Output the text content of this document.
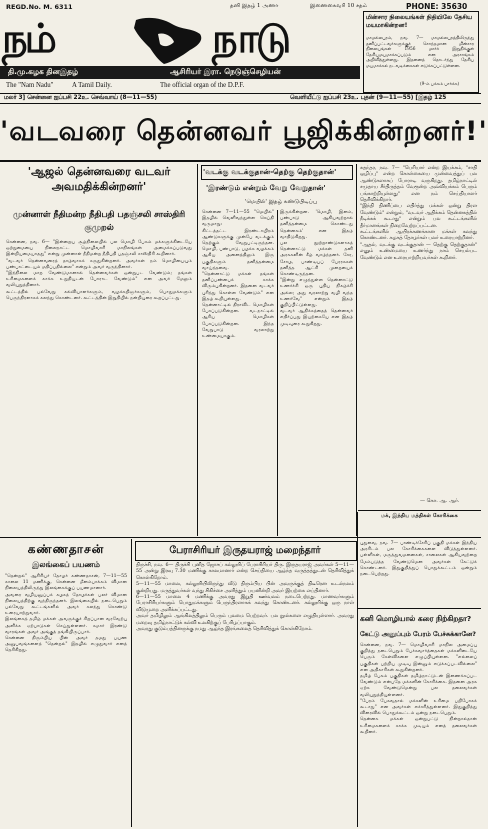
REGD.No. M. 6311	தனி இதழ் 1 அணா	இணைகைவரி 10 சதம்	PHONE: 35630
நம்	நாடு
தி.மு.கழக தினஇதழ்	ஆசிரியர் இரா. நெடுஞ்செழியன்
The "Nam Nadu"	A Tamil Daily.	The official organ of the D.P.F.
மின்சார நிலையங்கள் நிதியிலே தேசிய மயமாகின்றன!
மாமல்லபுரம், நவ. 7— மாமல்லபுரத்திலிருந்து தனிப்பட்டவர்களுக்குச் சொந்தமான மின்சார நிலையங்கள் 1956 மார்ச் இறுதிக்குள் தேசியமயமாக்கப்படும் என அரசாங்கம் அறிவித்துள்ளது. இதனைத் தொடர்ந்து தேசிய மயமாக்கல் நடவடிக்கைகள் எடுக்கப்பட்டுள்ளன.
(9-ம் பக்கம் பார்க்க)
மலர் 3] சென்னை ஐப்பசி 22உ. செவ்வாய் (8—11—55)	வெளியீட்டு ஐப்பசி 23உ. புதன் (9—11—55) [இதழ் 125
'வடவரை தென்னவர் பூஜிக்கின்றனர்!'
'ஆஜல் தென்னவரை வடவர் அவமதிக்கின்றனர்'
முன்னாள் நீதிமன்ற நீதிபதி பதஞ்சலி சாஸ்திரி குமுறல்
சென்னை, நவ. 6— "இன்றைய சூழ்நிலையில் பல மொழி பேசும் மக்களுக்கிடையே ஒற்றுமையை நிலைநாட்ட மொழிவாரி மாநிலங்கள் அமைக்கப்படுவது இன்றியமையாதது" என்று முன்னாள் நீதிமன்ற நீதிபதி பதஞ்சலி சாஸ்திரி கூறினார்.
"வடவர் தென்னவரைத் தாழ்வாகக் கருதுகின்றனர். அவர்கள் நம் மொழியையும் பண்பாட்டையும் மதிப்பதில்லை" என்றும் அவர் வருந்தினார்.
"இந்நிலை மாற வேண்டுமானால் தென்னவர்கள் ஒன்றுபட வேண்டும்; தங்கள் உரிமைகளைக் காக்க உறுதியுடன் போராட வேண்டும்" என அவர் மேலும் வலியுறுத்தினார்.
கூட்டத்தில் பல்வேறு கல்வியாளர்களும், வழக்கறிஞர்களும், பொதுமக்களும் பெருந்திரளாகக் கலந்து கொண்டனர். கூட்டத்தின் இறுதியில் நன்றியுரை கூறப்பட்டது.
'வடக்கு வடக்குதான்-தெற்கு தெற்குதான்'
'இரண்டும் என்றும் வேறு வேறுதான்'
'மெயில்' இதழ் கண்டுபிடிப்பு
சென்னை 7—11—55 "மெயில்" இதழில் வெளிவந்துள்ள செய்தி வருமாறு:
கிட்டத்தட்ட இரண்டாயிரம் ஆண்டுகளுக்கு முன்பே வடக்கும் தெற்கும் வேறுபட்டிருந்தன. மொழி, பண்பாடு, பழக்க வழக்கம் ஆகிய அனைத்திலும் இரு பகுதிகளும் தனித்தன்மை வாய்ந்தவை.
"தென்னாட்டு மக்கள் தங்கள் தனிப்பண்பைக் காக்க விரும்புகின்றனர். இதனை வடவர் புரிந்து கொள்ள வேண்டும்" என இதழ் கூறியுள்ளது.
தென்னாட்டில் திராவிட மொழிகள் பேசப்படுகின்றன. வடநாட்டில் ஆரிய மொழிகள் பேசப்படுகின்றன. இந்த வேறுபாடு வரலாற்று உண்மையாகும்.
இருக்கின்றன. 'மொழி, இனம், பண்பாடு ஆகியவற்றால் தனித்தன்மை கொண்டது தென்னகம்' என இதழ் வாதிடுகிறது.
பல நூற்றாண்டுகளாகத் தென்னாட்டு மக்கள் தனி அரசுகளின் கீழ் வாழ்ந்தனர். சேர, சோழ, பாண்டியப் பேரரசுகள் தனித்த ஆட்சி முறையைக் கொண்டிருந்தன.
"இன்று எழுந்துள்ள தென்னாட்டு உணர்ச்சி ஒரு புதிய நிகழ்ச்சி அல்ல; அது வரலாற்று வழி வந்த உணர்வே" என்றும் இதழ் குறிப்பிட்டுள்ளது.
வடவர் ஆதிக்கத்தைத் தென்னவர் எதிர்ப்பது இயற்கையே என இதழ் முடிவுரை கூறுகிறது.
சுதந்தர, நவ. 7— "பெரியார் என்ற இயக்கம், "சாதி ஒழிப்பு" என்ற கொள்கையை முன்வைத்துப் பல ஆண்டுகளாகப் போராடி வருகிறது. தமிழ்நாட்டில் சமுதாய சீர்திருத்தம் வேரூன்ற அவ்வியக்கம் பெரும் பங்காற்றியுள்ளது" என நம் செய்தியாளர் தெரிவிக்கிறார்.
"இந்தி திணிப்பை எதிர்த்து மக்கள் ஒன்று திரள வேண்டும்" என்றும், "வடவர் ஆதிக்கம் தென்னகத்தில் நீடிக்கக் கூடாது" என்றும் பல கூட்டங்களில் தீர்மானங்கள் நிறைவேற்றப்பட்டன.
கூட்டங்களில் ஆயிரக்கணக்கான மக்கள் கலந்து கொண்டனர். கழகத் தோழர்கள் பலர் உரையாற்றினர்.
"ஆதல், வடக்கு வடக்குதான் — தெற்கு தெற்குதான்" எனும் உண்மையை உணர்ந்து நாம் செயல்பட வேண்டும் என உரையாற்றியவர்கள் கூறினர்.
— கொ. ஆ. ஆர்.
மக், இந்திய மத்திகள் கோரிக்கை
கண்ணதாசன்
இலங்கைப் பயணம்
"தென்றல்" ஆசிரியர் தோழர் கண்ணதாசன், 7—11—55 காலை 11 மணிக்கு, சென்னை மீனம்பாக்கம் விமான நிலையத்திலிருந்து இலங்கைக்குப் பயணமானார்.
அவரை வழியனுப்பக் கழகத் தோழர்கள் பலர் விமான நிலையத்திற்கு வந்திருந்தனர். இலங்கையில் நடைபெறும் பல்வேறு கூட்டங்களில் அவர் கலந்து கொண்டு உரையாற்றுவார்.
இலங்கைத் தமிழ் மக்கள் அவருக்குச் சிறப்பான வரவேற்பு அளிக்க ஏற்பாடுகள் செய்துள்ளனர். சுமார் இரண்டு வாரங்கள் அவர் அங்குத் தங்கியிருப்பார்.
சென்னை திரும்பிய பின் அவர் தமது பயண அனுபவங்களைத் "தென்றல்" இதழில் எழுதுவார் எனத் தெரிகிறது.
பேராசிரியர் இருதயராஜ் மறைந்தார்
திருச்சி, நவ. 6— திருச்சி புனித ஜோசப் கல்லூரிப் பேராசிரியர் திரு. இருதயராஜ் அவர்கள் 5—11—55 அன்று இரவு 7.30 மணிக்கு காலமானார் என்ற செய்தியை ஆழ்ந்த வருத்தத்துடன் தெரிவித்துக் கொள்கிறோம்.
5—11—55 மாலை, கல்லூரியிலிருந்து வீடு திரும்பிய பின் அவருக்குத் திடீரென உடல்நலம் குன்றியது. மருத்துவர்கள் வந்து சிகிச்சை அளித்தும் பயனின்றி அவர் இயற்கை எய்தினார்.
6—11—55 மாலை 4 மணிக்கு அவரது இறுதி ஊர்வலம் நடைபெற்றது. மாணவர்களும் பேராசிரியர்களும் பொதுமக்களும் பெருந்திரளாகக் கலந்து கொண்டனர். கல்லூரிக்கு ஒரு நாள் விடுமுறை அளிக்கப்பட்டது.
அவர் தமிழிலும் ஆங்கிலத்திலும் பெரும் புலமை பெற்றவர். பல நூல்களை எழுதியுள்ளார். அவரது மறைவு தமிழ்நாட்டுக் கல்வி உலகிற்குப் பேரிழப்பாகும்.
அவரது குடும்பத்தினருக்கு நமது ஆழ்ந்த இரங்கலைத் தெரிவித்துக் கொள்கிறோம்.
புதுவை, நவ. 7— பாண்டிச்சேரிப் பகுதி மக்கள் இந்திய அரசிடம் பல கோரிக்கைகளை விடுத்துள்ளனர். பள்ளிகள், மருத்துவமனைகள், சாலைகள் ஆகியவற்றை மேம்படுத்த வேண்டுமென அவர்கள் கேட்டுக் கொண்டனர். இதுகுறித்துப் பொதுக்கூட்டம் ஒன்றும் நடைபெற்றது.
கனி மொழியால் கரை நிற்கிறதா?
கேட்டு அனுப்பும் பேரம் பேச்சுக்கானே?
சென்னை, நவ. 7— மொழிவாரி மாநில அமைப்பு குறித்து நடைபெறும் பேச்சுவார்த்தைகள் மக்களிடையே பெரும் கேள்விகளை எழுப்பியுள்ளன. "எல்லைப் பகுதிகள் பற்றிய முடிவு இன்னும் எடுக்கப்படவில்லை" என அதிகாரிகள் கூறுகின்றனர்.
தமிழ் பேசும் பகுதிகள் தமிழ்நாட்டுடன் இணைக்கப்பட வேண்டும் என்பதே மக்களின் கோரிக்கை. இதனை அரசு ஏற்க வேண்டுமென்று பல தலைவர்கள் வலியுறுத்தியுள்ளனர்.
"பேரம் பேசுவதால் மக்களின் உரிமை பறிபோகக் கூடாது" என அவர்கள் எச்சரித்துள்ளனர். இதுகுறித்து விரைவில் பொதுக்கூட்டம் ஒன்று நடைபெறும்.
தென்னக மக்கள் ஒன்றுபட்டு நின்றால்தான் உரிமைகளைக் காக்க முடியும் எனத் தலைவர்கள் கூறினர்.
